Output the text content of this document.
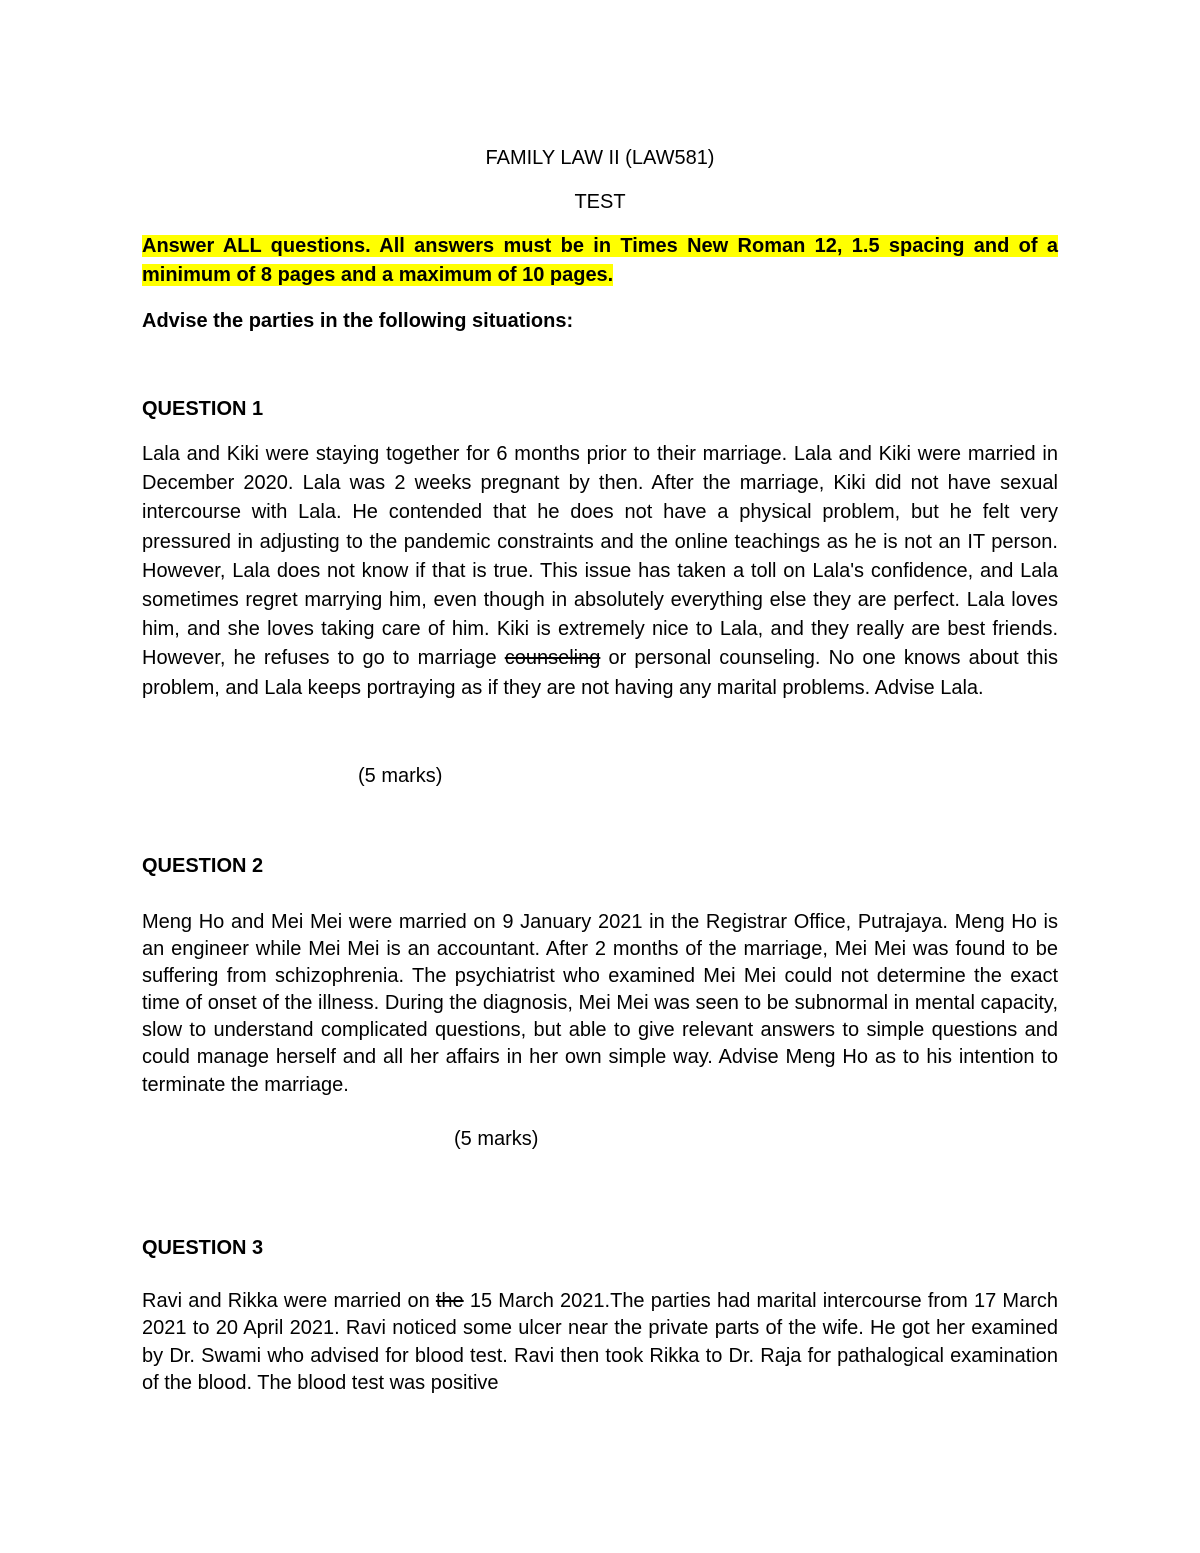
FAMILY LAW II (LAW581)
TEST
Answer ALL questions. All answers must be in Times New Roman 12, 1.5 spacing and of a minimum of 8 pages and a maximum of 10 pages.
Advise the parties in the following situations:
QUESTION 1

Lala and Kiki were staying together for 6 months prior to their marriage. Lala and Kiki were married in December 2020. Lala was 2 weeks pregnant by then. After the marriage, Kiki did not have sexual intercourse with Lala. He contended that he does not have a physical problem, but he felt very pressured in adjusting to the pandemic constraints and the online teachings as he is not an IT person. However, Lala does not know if that is true. This issue has taken a toll on Lala's confidence, and Lala sometimes regret marrying him, even though in absolutely everything else they are perfect. Lala loves him, and she loves taking care of him. Kiki is extremely nice to Lala, and they really are best friends. However, he refuses to go to marriage counseling or personal counseling. No one knows about this problem, and Lala keeps portraying as if they are not having any marital problems. Advise Lala.

(5 marks)
QUESTION 2

Meng Ho and Mei Mei were married on 9 January 2021 in the Registrar Office, Putrajaya. Meng Ho is an engineer while Mei Mei is an accountant. After 2 months of the marriage, Mei Mei was found to be suffering from schizophrenia. The psychiatrist who examined Mei Mei could not determine the exact time of onset of the illness. During the diagnosis, Mei Mei was seen to be subnormal in mental capacity, slow to understand complicated questions, but able to give relevant answers to simple questions and could manage herself and all her affairs in her own simple way. Advise Meng Ho as to his intention to terminate the marriage.

(5 marks)
QUESTION 3

Ravi and Rikka were married on the 15 March 2021.The parties had marital intercourse from 17 March 2021 to 20 April 2021. Ravi noticed some ulcer near the private parts of the wife. He got her examined by Dr. Swami who advised for blood test. Ravi then took Rikka to Dr. Raja for pathalogical examination of the blood. The blood test was positive
